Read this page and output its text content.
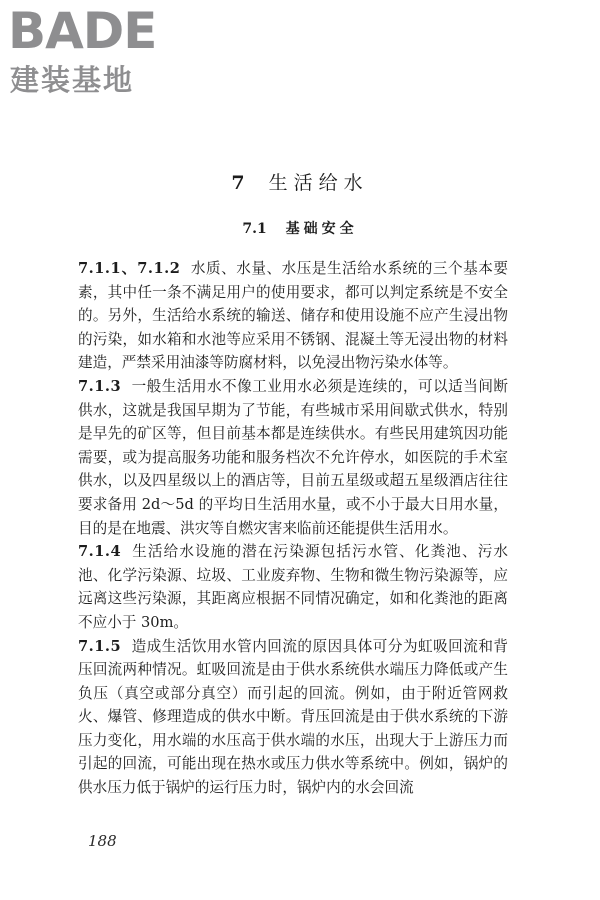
BADE
建装基地
7 生活给水
7.1 基础安全

7.1.1、7.1.2 水质、水量、水压是生活给水系统的三个基本要素，其中任一条不满足用户的使用要求，都可以判定系统是不安全的。另外，生活给水系统的输送、储存和使用设施不应产生浸出物的污染，如水箱和水池等应采用不锈钢、混凝土等无浸出物的材料建造，严禁采用油漆等防腐材料，以免浸出物污染水体等。

7.1.3 一般生活用水不像工业用水必须是连续的，可以适当间断供水，这就是我国早期为了节能，有些城市采用间歇式供水，特别是早先的矿区等，但目前基本都是连续供水。有些民用建筑因功能需要，或为提高服务功能和服务档次不允许停水，如医院的手术室供水，以及四星级以上的酒店等，目前五星级或超五星级酒店往往要求备用 2d～5d 的平均日生活用水量，或不小于最大日用水量，目的是在地震、洪灾等自燃灾害来临前还能提供生活用水。

7.1.4 生活给水设施的潜在污染源包括污水管、化粪池、污水池、化学污染源、垃圾、工业废弃物、生物和微生物污染源等，应远离这些污染源，其距离应根据不同情况确定，如和化粪池的距离不应小于 30m。

7.1.5 造成生活饮用水管内回流的原因具体可分为虹吸回流和背压回流两种情况。虹吸回流是由于供水系统供水端压力降低或产生负压（真空或部分真空）而引起的回流。例如，由于附近管网救火、爆管、修理造成的供水中断。背压回流是由于供水系统的下游压力变化，用水端的水压高于供水端的水压，出现大于上游压力而引起的回流，可能出现在热水或压力供水等系统中。例如，锅炉的供水压力低于锅炉的运行压力时，锅炉内的水会回流

188
